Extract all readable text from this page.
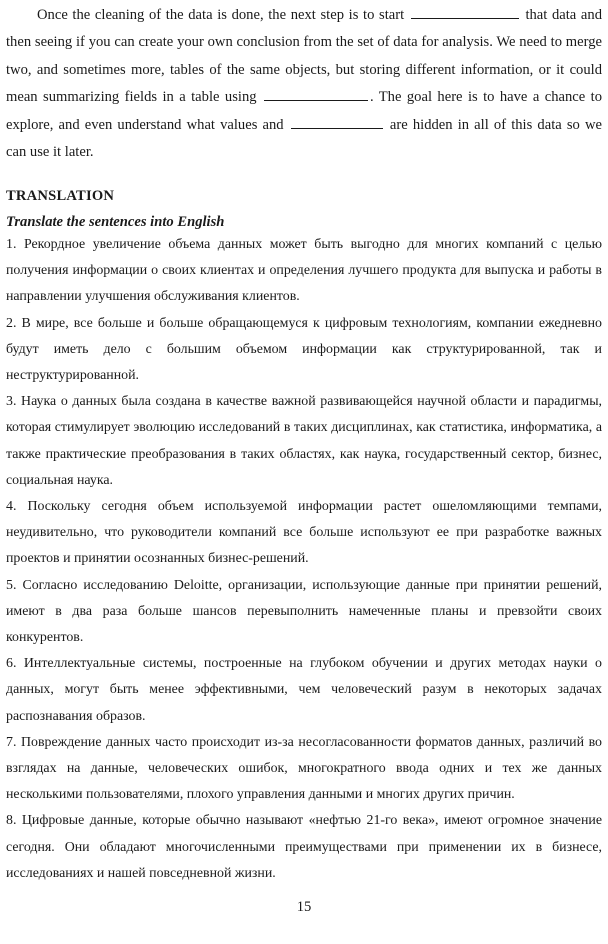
Once the cleaning of the data is done, the next step is to start	that data and then seeing if you can create your own conclusion from the set of data for analysis. We need to merge two, and sometimes more, tables of the same objects, but storing different information, or it could mean summarizing fields in a table using	. The goal here is to have a chance to explore, and even understand what values and	are hidden in all of this data so we can use it later.

TRANSLATION
Translate the sentences into English
1. Рекордное увеличение объема данных может быть выгодно для многих компаний с целью получения информации о своих клиентах и определения лучшего продукта для выпуска и работы в направлении улучшения обслуживания клиентов.
2. В мире, все больше и больше обращающемуся к цифровым технологиям, компании ежедневно будут иметь дело с большим объемом информации как структурированной, так и неструктурированной.
3. Наука о данных была создана в качестве важной развивающейся научной области и парадигмы, которая стимулирует эволюцию исследований в таких дисциплинах, как статистика, информатика, а также практические преобразования в таких областях, как наука, государственный сектор, бизнес, социальная наука.
4. Поскольку сегодня объем используемой информации растет ошеломляющими темпами, неудивительно, что руководители компаний все больше используют ее при разработке важных проектов и принятии осознанных бизнес-решений.
5. Согласно исследованию Deloitte, организации, использующие данные при принятии решений, имеют в два раза больше шансов перевыполнить намеченные планы и превзойти своих конкурентов.
6. Интеллектуальные системы, построенные на глубоком обучении и других методах науки о данных, могут быть менее эффективными, чем человеческий разум в некоторых задачах распознавания образов.
7. Повреждение данных часто происходит из-за несогласованности форматов данных, различий во взглядах на данные, человеческих ошибок, многократного ввода одних и тех же данных несколькими пользователями, плохого управления данными и многих других причин.
8. Цифровые данные, которые обычно называют «нефтью 21-го века», имеют огромное значение сегодня. Они обладают многочисленными преимуществами при применении их в бизнесе, исследованиях и нашей повседневной жизни.

15
